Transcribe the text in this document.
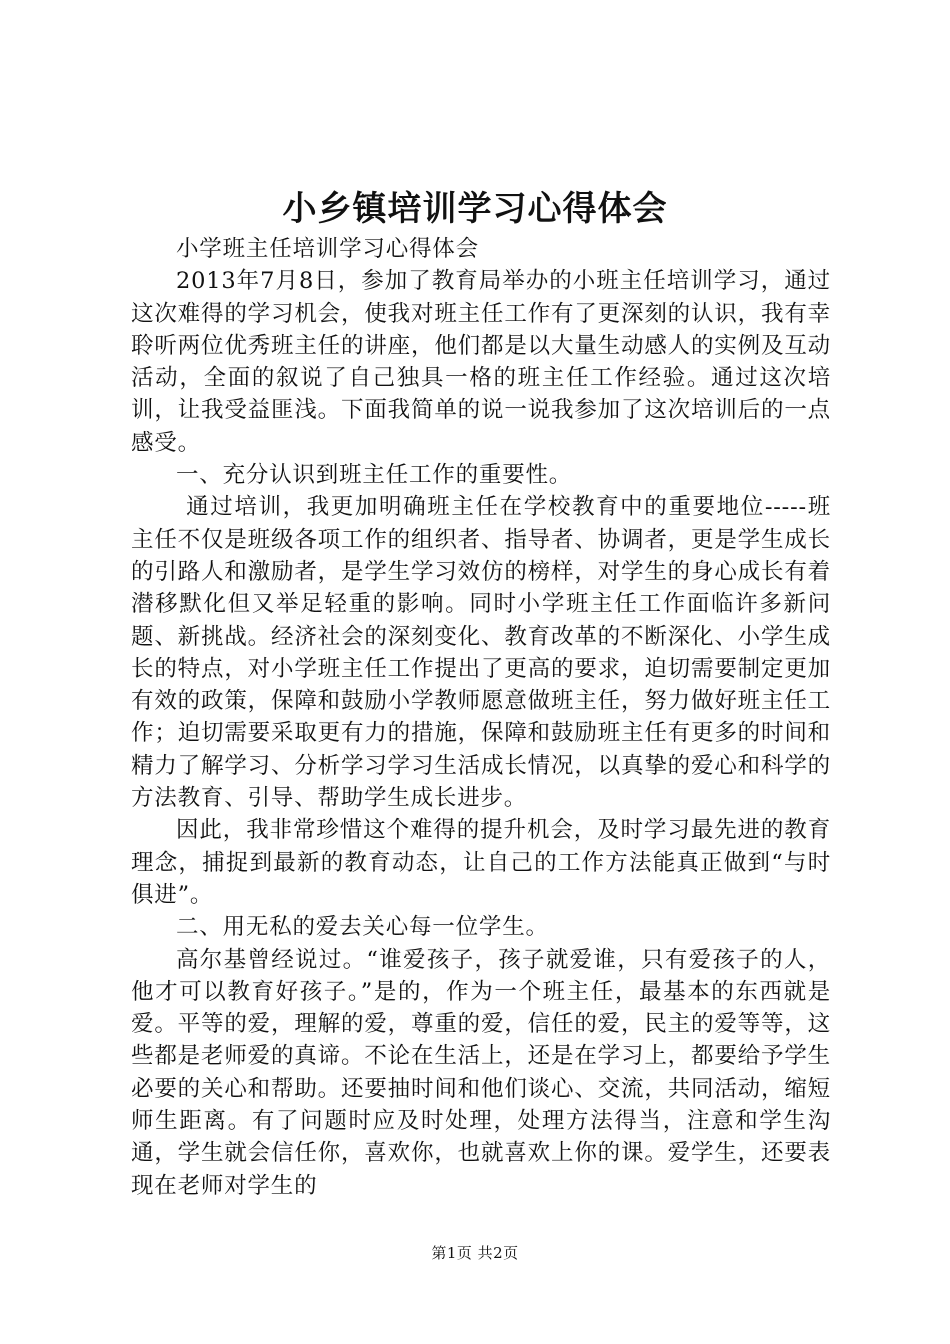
小乡镇培训学习心得体会

小学班主任培训学习心得体会

2013年7月8日，参加了教育局举办的小班主任培训学习，通过这次难得的学习机会，使我对班主任工作有了更深刻的认识，我有幸聆听两位优秀班主任的讲座，他们都是以大量生动感人的实例及互动活动，全面的叙说了自己独具一格的班主任工作经验。通过这次培训，让我受益匪浅。下面我简单的说一说我参加了这次培训后的一点感受。

一、充分认识到班主任工作的重要性。

通过培训，我更加明确班主任在学校教育中的重要地位-----班主任不仅是班级各项工作的组织者、指导者、协调者，更是学生成长的引路人和激励者，是学生学习效仿的榜样，对学生的身心成长有着潜移默化但又举足轻重的影响。同时小学班主任工作面临许多新问题、新挑战。经济社会的深刻变化、教育改革的不断深化、小学生成长的特点，对小学班主任工作提出了更高的要求，迫切需要制定更加有效的政策，保障和鼓励小学教师愿意做班主任，努力做好班主任工作；迫切需要采取更有力的措施，保障和鼓励班主任有更多的时间和精力了解学习、分析学习学习生活成长情况，以真挚的爱心和科学的方法教育、引导、帮助学生成长进步。

因此，我非常珍惜这个难得的提升机会，及时学习最先进的教育理念，捕捉到最新的教育动态，让自己的工作方法能真正做到“与时俱进”。

二、用无私的爱去关心每一位学生。

高尔基曾经说过。“谁爱孩子，孩子就爱谁，只有爱孩子的人，他才可以教育好孩子。”是的，作为一个班主任，最基本的东西就是爱。平等的爱，理解的爱，尊重的爱，信任的爱，民主的爱等等，这些都是老师爱的真谛。不论在生活上，还是在学习上，都要给予学生必要的关心和帮助。还要抽时间和他们谈心、交流，共同活动，缩短师生距离。有了问题时应及时处理，处理方法得当，注意和学生沟通，学生就会信任你，喜欢你，也就喜欢上你的课。爱学生，还要表现在老师对学生的

第1页 共2页
